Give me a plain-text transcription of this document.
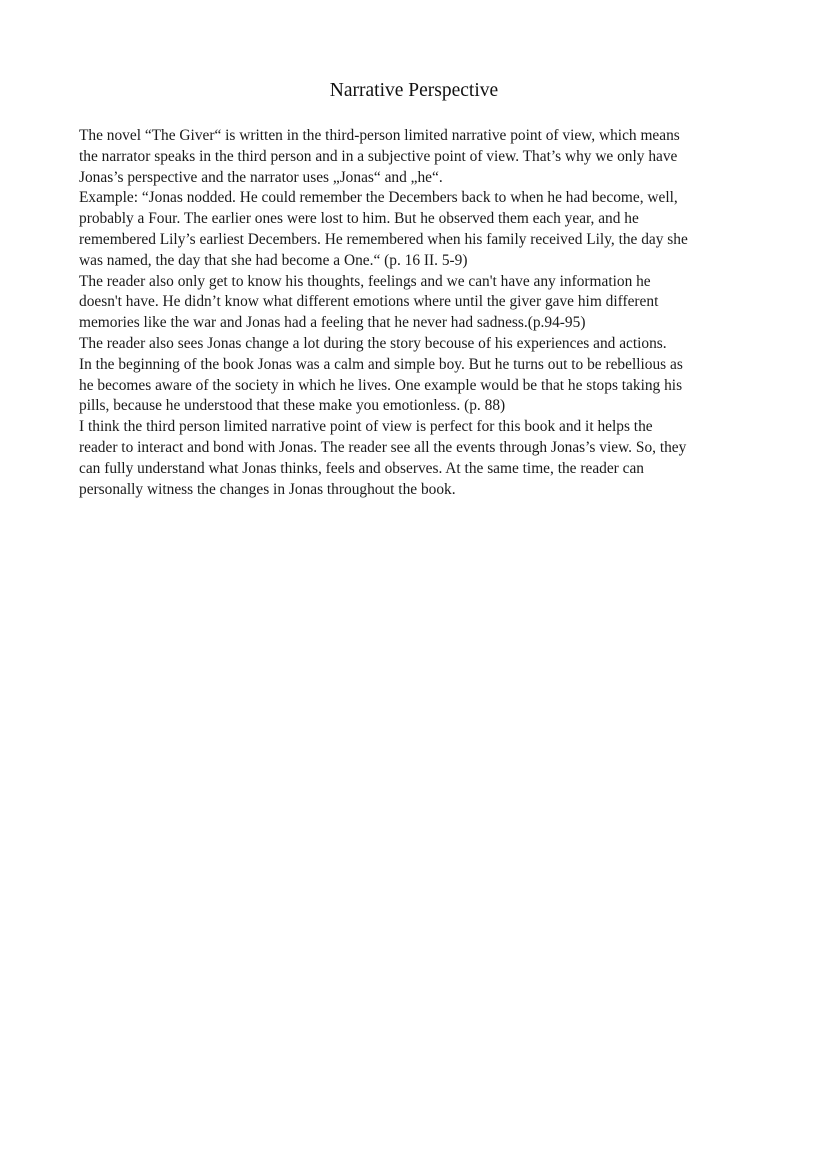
Narrative Perspective
The novel “The Giver“ is written in the third-person limited narrative point of view, which means
the narrator speaks in the third person and in a subjective point of view. That’s why we only have
Jonas’s perspective and the narrator uses „Jonas“ and „he“.
Example: “Jonas nodded. He could remember the Decembers back to when he had become, well,
probably a Four. The earlier ones were lost to him. But he observed them each year, and he
remembered Lily’s earliest Decembers. He remembered when his family received Lily, the day she
was named, the day that she had become a One.“ (p. 16 II. 5-9)
The reader also only get to know his thoughts, feelings and we can't have any information he
doesn't have. He didn’t know what different emotions where until the giver gave him different
memories like the war and Jonas had a feeling that he never had sadness.(p.94-95)
The reader also sees Jonas change a lot during the story becouse of his experiences and actions.
In the beginning of the book Jonas was a calm and simple boy. But he turns out to be rebellious as
he becomes aware of the society in which he lives. One example would be that he stops taking his
pills, because he understood that these make you emotionless. (p. 88)
I think the third person limited narrative point of view is perfect for this book and it helps the
reader to interact and bond with Jonas. The reader see all the events through Jonas’s view. So, they
can fully understand what Jonas thinks, feels and observes. At the same time, the reader can
personally witness the changes in Jonas throughout the book.
